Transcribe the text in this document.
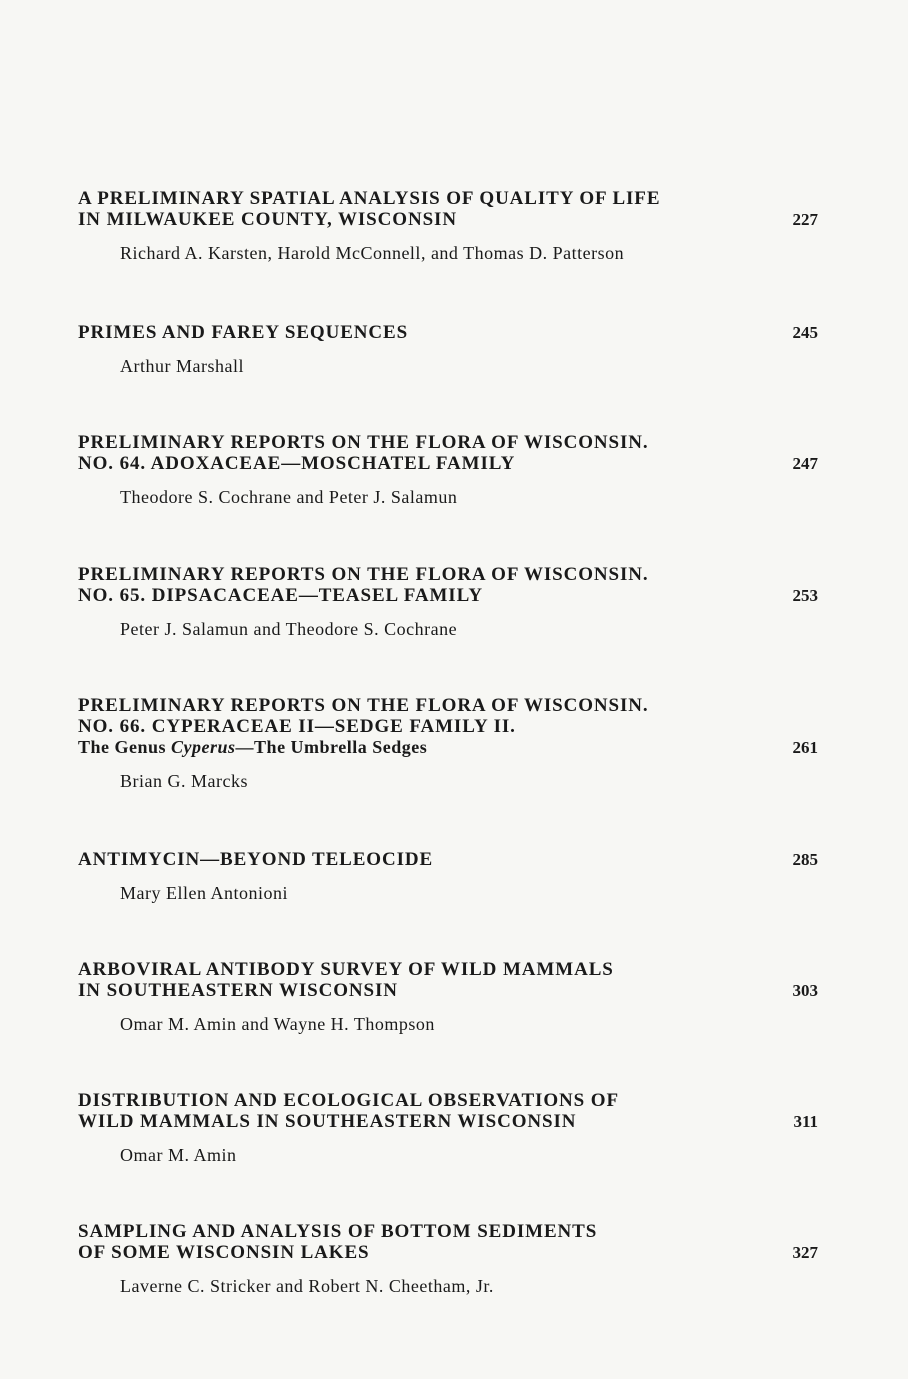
A PRELIMINARY SPATIAL ANALYSIS OF QUALITY OF LIFE
IN MILWAUKEE COUNTY, WISCONSIN
Richard A. Karsten, Harold McConnell, and Thomas D. Patterson
227
PRIMES AND FAREY SEQUENCES
Arthur Marshall
245
PRELIMINARY REPORTS ON THE FLORA OF WISCONSIN.
NO. 64. ADOXACEAE—MOSCHATEL FAMILY
Theodore S. Cochrane and Peter J. Salamun
247
PRELIMINARY REPORTS ON THE FLORA OF WISCONSIN.
NO. 65. DIPSACACEAE—TEASEL FAMILY
Peter J. Salamun and Theodore S. Cochrane
253
PRELIMINARY REPORTS ON THE FLORA OF WISCONSIN.
NO. 66. CYPERACEAE II—SEDGE FAMILY II.
The Genus Cyperus—The Umbrella Sedges
Brian G. Marcks
261
ANTIMYCIN—BEYOND TELEOCIDE
Mary Ellen Antonioni
285
ARBOVIRAL ANTIBODY SURVEY OF WILD MAMMALS
IN SOUTHEASTERN WISCONSIN
Omar M. Amin and Wayne H. Thompson
303
DISTRIBUTION AND ECOLOGICAL OBSERVATIONS OF
WILD MAMMALS IN SOUTHEASTERN WISCONSIN
Omar M. Amin
311
SAMPLING AND ANALYSIS OF BOTTOM SEDIMENTS
OF SOME WISCONSIN LAKES
Laverne C. Stricker and Robert N. Cheetham, Jr.
327
